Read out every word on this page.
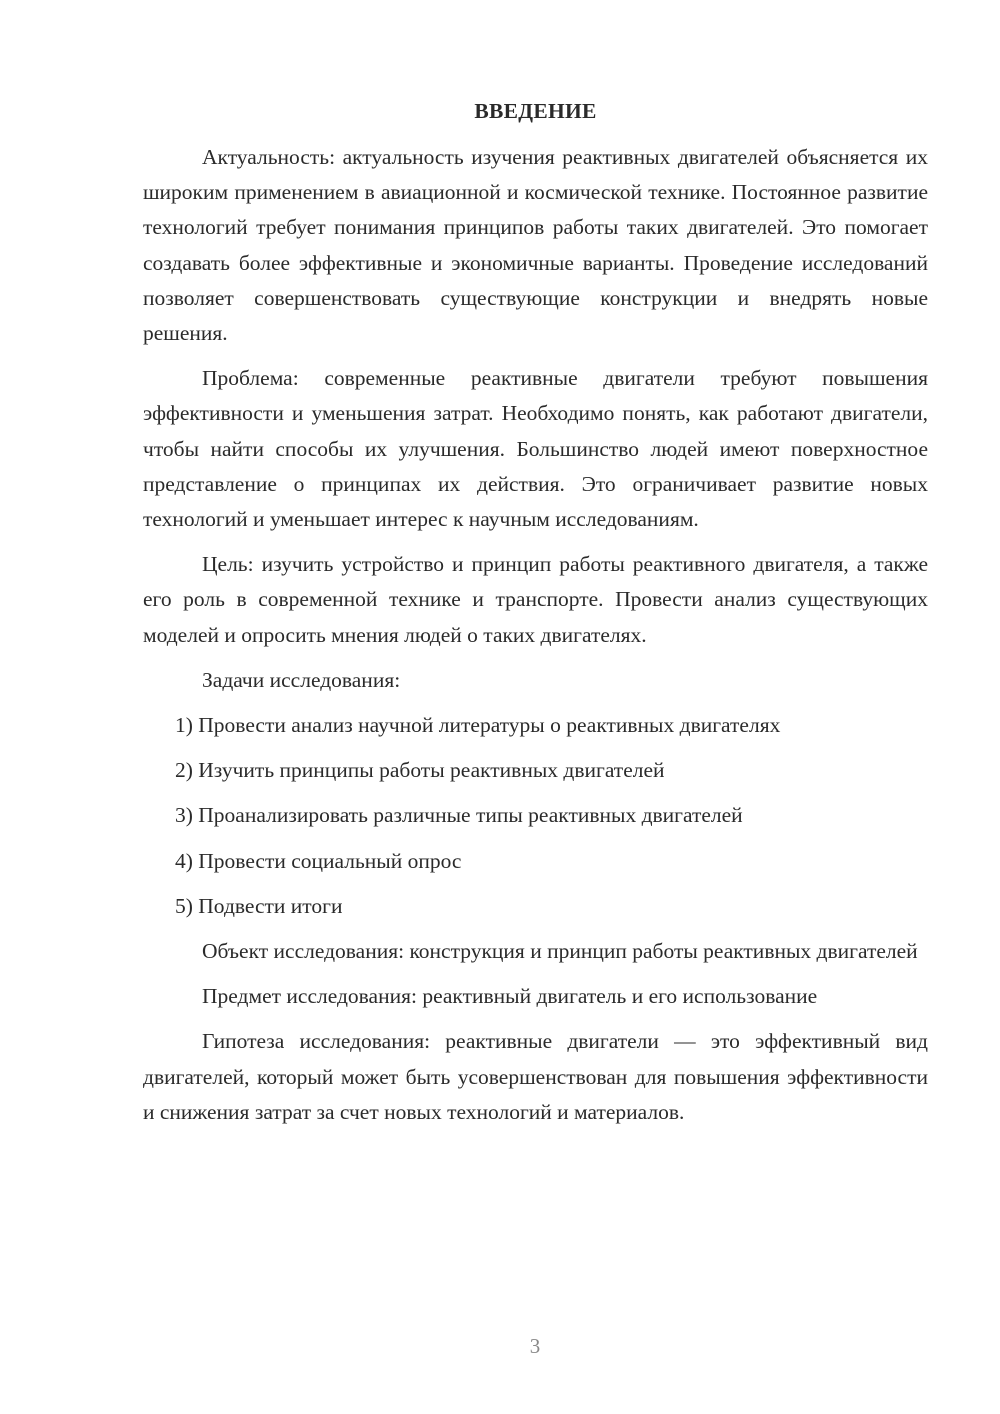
ВВЕДЕНИЕ

Актуальность: актуальность изучения реактивных двигателей объясняется их широким применением в авиационной и космической технике. Постоянное развитие технологий требует понимания принципов работы таких двигателей. Это помогает создавать более эффективные и экономичные варианты. Проведение исследований позволяет совершенствовать существующие конструкции и внедрять новые решения.

Проблема: современные реактивные двигатели требуют повышения эффективности и уменьшения затрат. Необходимо понять, как работают двигатели, чтобы найти способы их улучшения. Большинство людей имеют поверхностное представление о принципах их действия. Это ограничивает развитие новых технологий и уменьшает интерес к научным исследованиям.

Цель: изучить устройство и принцип работы реактивного двигателя, а также его роль в современной технике и транспорте. Провести анализ существующих моделей и опросить мнения людей о таких двигателях.

Задачи исследования:

1) Провести анализ научной литературы о реактивных двигателях

2) Изучить принципы работы реактивных двигателей

3) Проанализировать различные типы реактивных двигателей

4) Провести социальный опрос

5) Подвести итоги

Объект исследования: конструкция и принцип работы реактивных двигателей

Предмет исследования: реактивный двигатель и его использование

Гипотеза исследования: реактивные двигатели — это эффективный вид двигателей, который может быть усовершенствован для повышения эффективности и снижения затрат за счет новых технологий и материалов.

3
